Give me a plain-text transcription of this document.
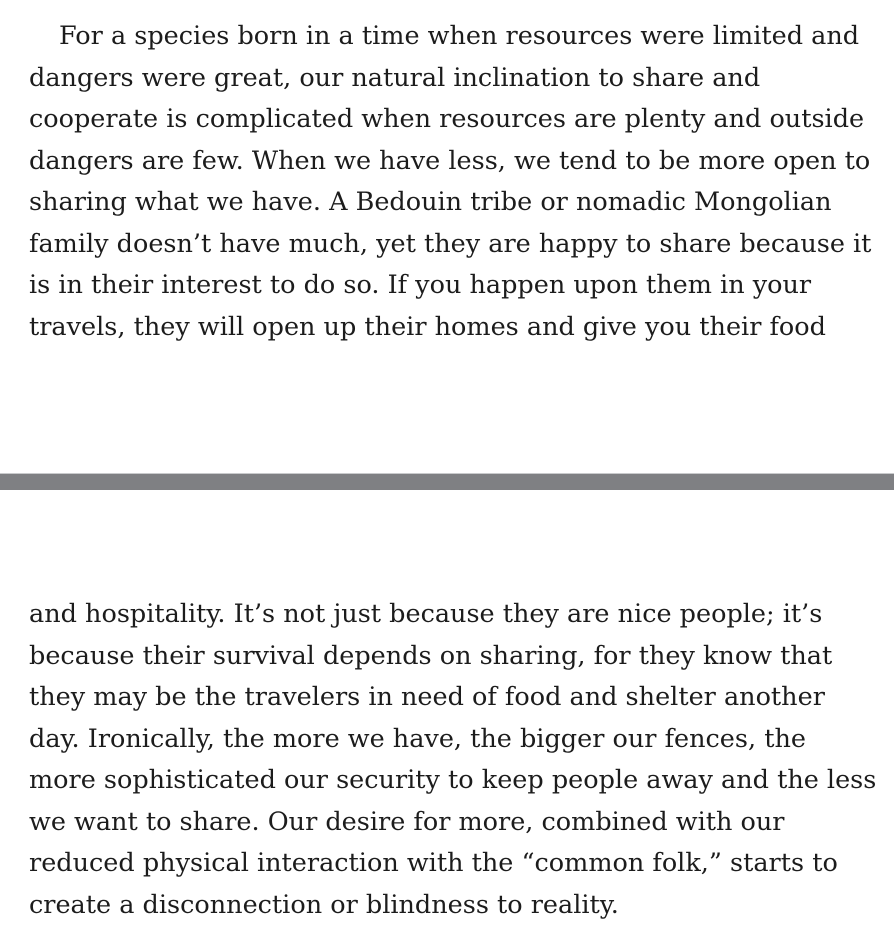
For a species born in a time when resources were limited and
dangers were great, our natural inclination to share and
cooperate is complicated when resources are plenty and outside
dangers are few. When we have less, we tend to be more open to
sharing what we have. A Bedouin tribe or nomadic Mongolian
family doesn’t have much, yet they are happy to share because it
is in their interest to do so. If you happen upon them in your
travels, they will open up their homes and give you their food
and hospitality. It’s not just because they are nice people; it’s
because their survival depends on sharing, for they know that
they may be the travelers in need of food and shelter another
day. Ironically, the more we have, the bigger our fences, the
more sophisticated our security to keep people away and the less
we want to share. Our desire for more, combined with our
reduced physical interaction with the “common folk,” starts to
create a disconnection or blindness to reality.
